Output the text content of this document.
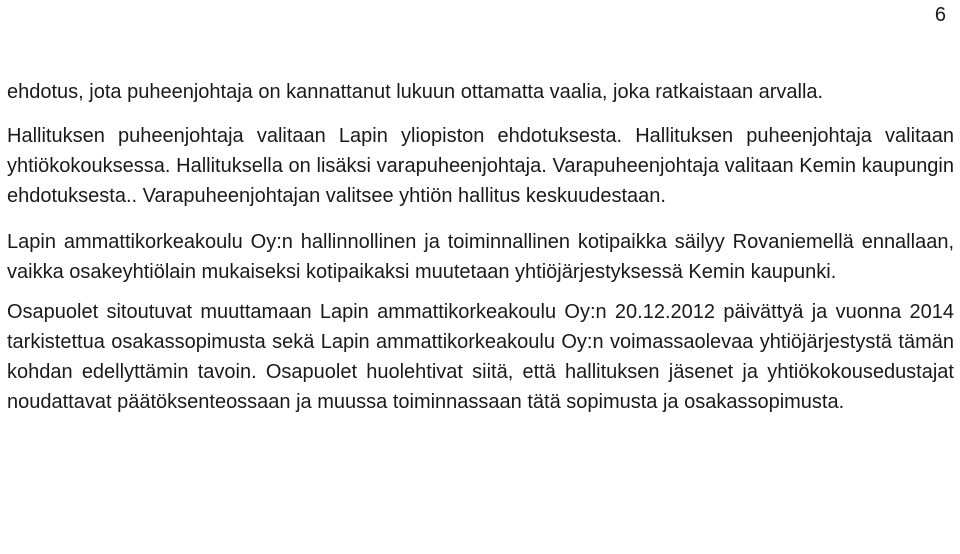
6

ehdotus, jota puheenjohtaja on kannattanut lukuun ottamatta vaalia, joka ratkaistaan arvalla.

Hallituksen puheenjohtaja valitaan Lapin yliopiston ehdotuksesta. Hallituksen puheenjohtaja valitaan yhtiökokouksessa. Hallituksella on lisäksi varapuheenjohtaja. Varapuheenjohtaja valitaan Kemin kaupungin ehdotuksesta.. Varapuheenjohtajan valitsee yhtiön hallitus keskuudestaan.

Lapin ammattikorkeakoulu Oy:n hallinnollinen ja toiminnallinen kotipaikka säilyy Rovaniemellä ennallaan, vaikka osakeyhtiölain mukaiseksi kotipaikaksi muutetaan yhtiöjärjestyksessä Kemin kaupunki.

Osapuolet sitoutuvat muuttamaan Lapin ammattikorkeakoulu Oy:n 20.12.2012 päivättyä ja vuonna 2014 tarkistettua osakassopimusta sekä Lapin ammattikorkeakoulu Oy:n voimassaolevaa yhtiöjärjestystä tämän kohdan edellyttämin tavoin. Osapuolet huolehtivat siitä, että hallituksen jäsenet ja yhtiökokousedustajat noudattavat päätöksenteossaan ja muussa toiminnassaan tätä sopimusta ja osakassopimusta.
